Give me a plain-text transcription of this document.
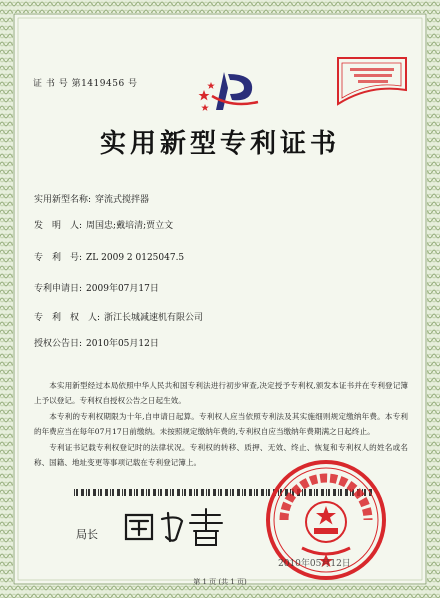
证 书 号 第1419456 号
实用新型专利证书
实用新型名称: 穿流式搅拌器
发　明　人: 周国忠;戴培清;贾立文
专　利　号: ZL 2009 2 0125047.5
专利申请日: 2009年07月17日
专　利　权　人: 浙江长城减速机有限公司
授权公告日: 2010年05月12日

本实用新型经过本局依照中华人民共和国专利法进行初步审查,决定授予专利权,颁发本证书并在专利登记簿上予以登记。专利权自授权公告之日起生效。

本专利的专利权期限为十年,自申请日起算。专利权人应当依照专利法及其实施细则规定缴纳年费。本专利的年费应当在每年07月17日前缴纳。未按照规定缴纳年费的,专利权自应当缴纳年费期满之日起终止。

专利证书记载专利权登记时的法律状况。专利权的转移、质押、无效、终止、恢复和专利权人的姓名或名称、国籍、地址变更等事项记载在专利登记簿上。

局长
2010年05月12日
第 1 页 (共 1 页)
